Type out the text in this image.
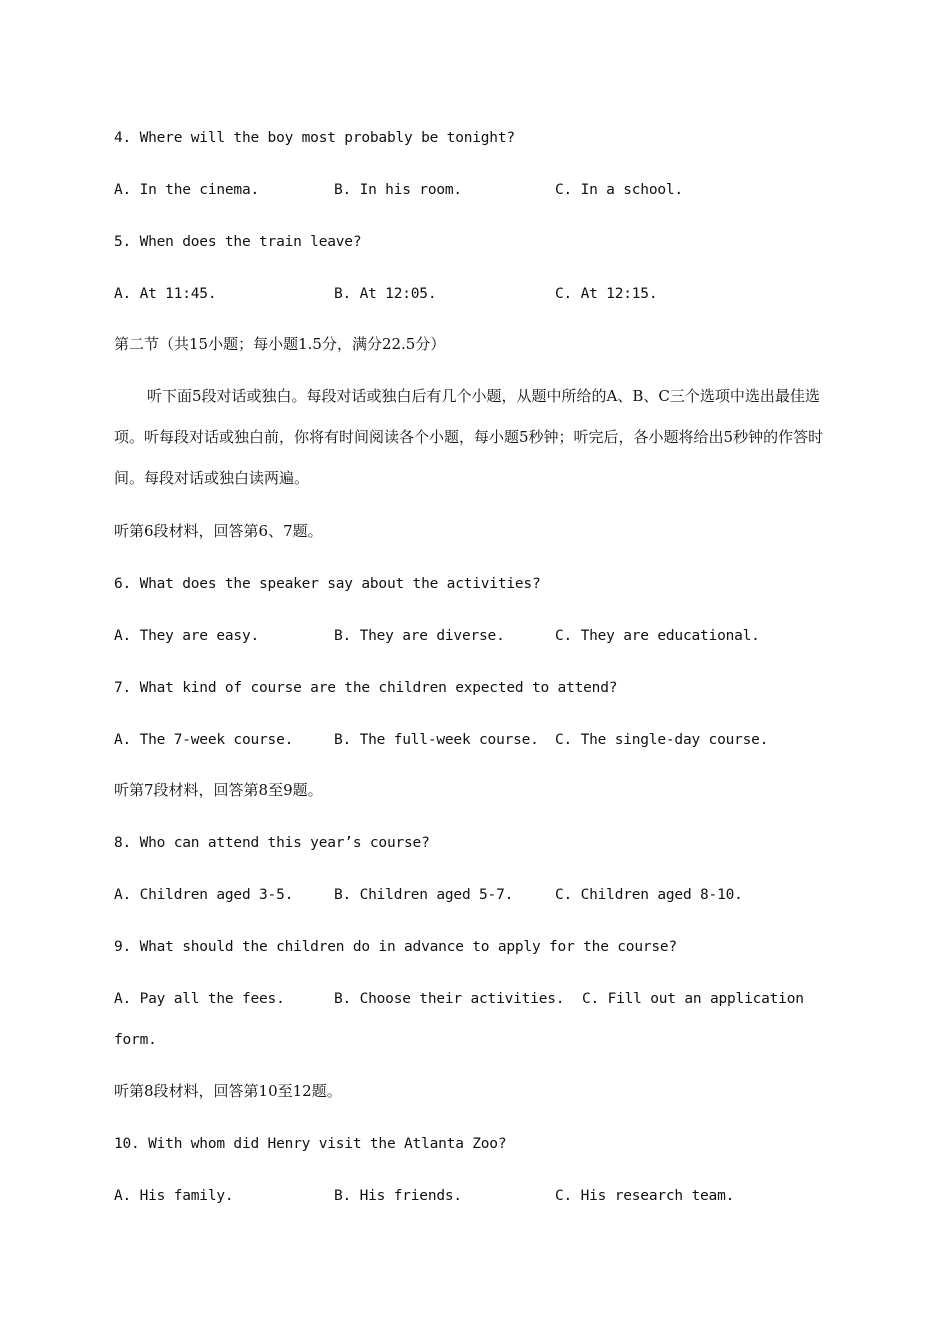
4. Where will the boy most probably be tonight?
A. In the cinema.	B. In his room.	C. In a school.
5. When does the train leave?
A. At 11:45.	B. At 12:05.	C. At 12:15.
第二节（共15小题；每小题1.5分，满分22.5分）
听下面5段对话或独白。每段对话或独白后有几个小题，从题中所给的A、B、C三个选项中选出最佳选项。听每段对话或独白前，你将有时间阅读各个小题，每小题5秒钟；听完后，各小题将给出5秒钟的作答时间。每段对话或独白读两遍。
听第6段材料，回答第6、7题。
6. What does the speaker say about the activities?
A. They are easy.	B. They are diverse.	C. They are educational.
7. What kind of course are the children expected to attend?
A. The 7-week course.	B. The full-week course. C. The single-day course.
听第7段材料，回答第8至9题。
8. Who can attend this year’s course?
A. Children aged 3-5.	B. Children aged 5-7.	C. Children aged 8-10.
9. What should the children do in advance to apply for the course?
A. Pay all the fees.	B. Choose their activities. C. Fill out an application
form.
听第8段材料，回答第10至12题。
10. With whom did Henry visit the Atlanta Zoo?
A. His family.	B. His friends.	C. His research team.
